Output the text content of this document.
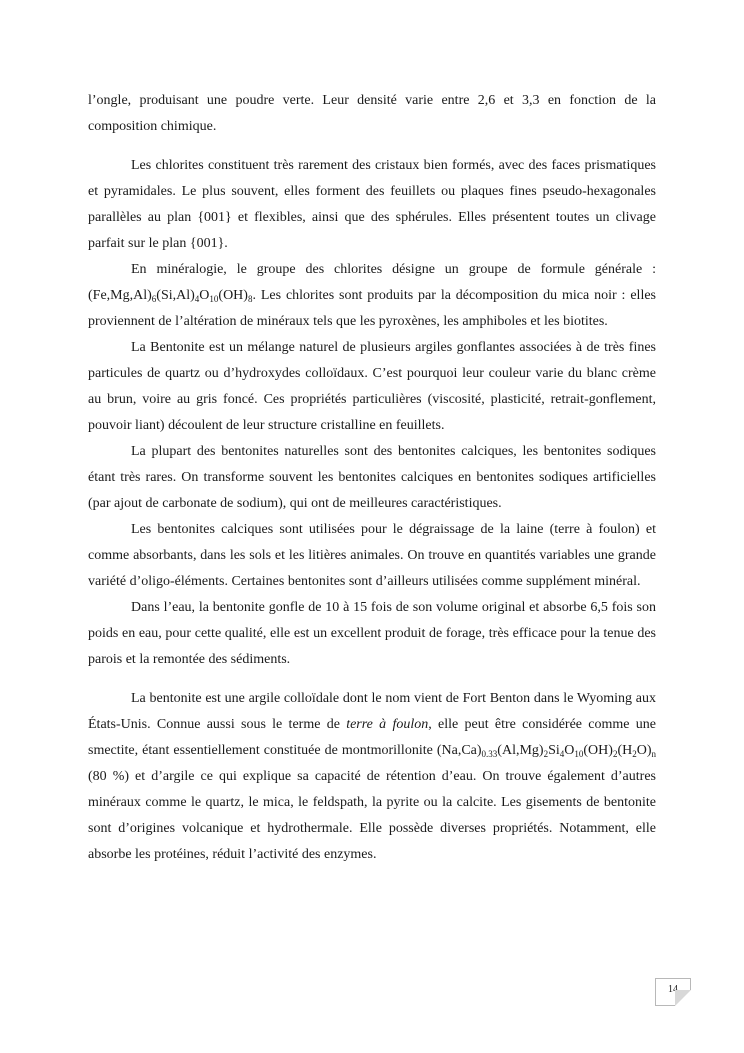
l’ongle, produisant une poudre verte. Leur densité varie entre 2,6 et 3,3 en fonction de la composition chimique.

Les chlorites constituent très rarement des cristaux bien formés, avec des faces prismatiques et pyramidales. Le plus souvent, elles forment des feuillets ou plaques fines pseudo-hexagonales parallèles au plan {001} et flexibles, ainsi que des sphérules. Elles présentent toutes un clivage parfait sur le plan {001}.

En minéralogie, le groupe des chlorites désigne un groupe de formule générale : $(Fe,Mg,Al)_6(Si,Al)_4O_{10}(OH)_8$. Les chlorites sont produits par la décomposition du mica noir : elles proviennent de l’altération de minéraux tels que les pyroxènes, les amphiboles et les biotites.

La Bentonite est un mélange naturel de plusieurs argiles gonflantes associées à de très fines particules de quartz ou d’hydroxydes colloïdaux. C’est pourquoi leur couleur varie du blanc crème au brun, voire au gris foncé. Ces propriétés particulières (viscosité, plasticité, retrait-gonflement, pouvoir liant) découlent de leur structure cristalline en feuillets.

La plupart des bentonites naturelles sont des bentonites calciques, les bentonites sodiques étant très rares. On transforme souvent les bentonites calciques en bentonites sodiques artificielles (par ajout de carbonate de sodium), qui ont de meilleures caractéristiques.

Les bentonites calciques sont utilisées pour le dégraissage de la laine (terre à foulon) et comme absorbants, dans les sols et les litières animales. On trouve en quantités variables une grande variété d’oligo-éléments. Certaines bentonites sont d’ailleurs utilisées comme supplément minéral.

Dans l’eau, la bentonite gonfle de 10 à 15 fois de son volume original et absorbe 6,5 fois son poids en eau, pour cette qualité, elle est un excellent produit de forage, très efficace pour la tenue des parois et la remontée des sédiments.

La bentonite est une argile colloïdale dont le nom vient de Fort Benton dans le Wyoming aux États-Unis. Connue aussi sous le terme de terre à foulon, elle peut être considérée comme une smectite, étant essentiellement constituée de montmorillonite $(Na,Ca)_{0.33}(Al,Mg)_2Si_4O_{10}(OH)_2(H_2O)_n$ (80 %) et d’argile ce qui explique sa capacité de rétention d’eau. On trouve également d’autres minéraux comme le quartz, le mica, le feldspath, la pyrite ou la calcite. Les gisements de bentonite sont d’origines volcanique et hydrothermale. Elle possède diverses propriétés. Notamment, elle absorbe les protéines, réduit l’activité des enzymes.

14
